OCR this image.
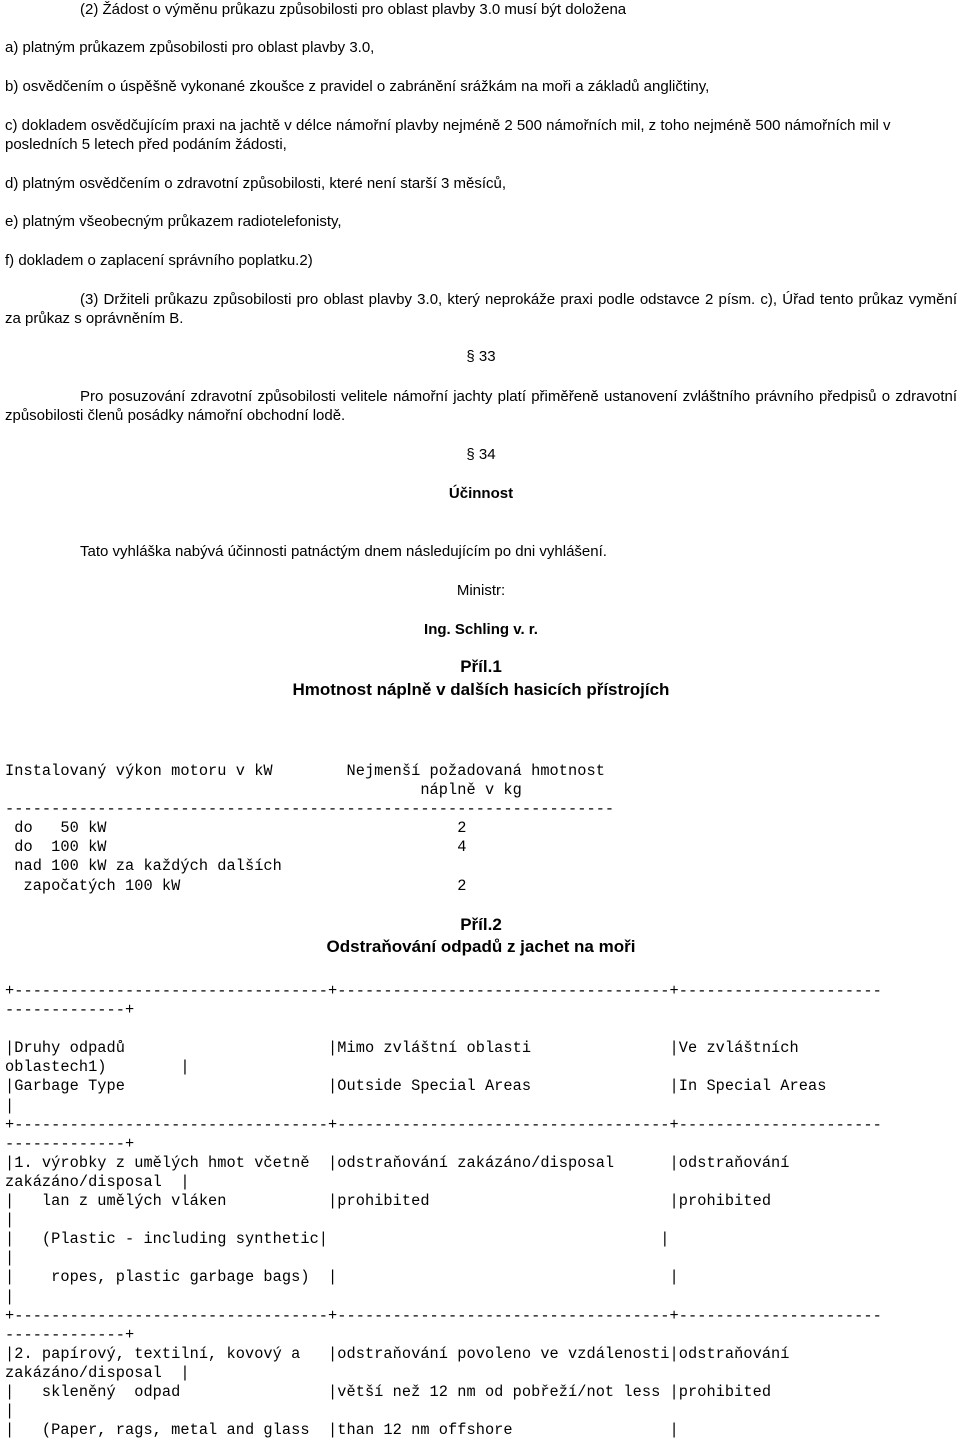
(2) Žádost o výměnu průkazu způsobilosti pro oblast plavby 3.0 musí být doložena

a) platným průkazem způsobilosti pro oblast plavby 3.0,

b) osvědčením o úspěšně vykonané zkoušce z pravidel o zabránění srážkám na moři a základů angličtiny,

c) dokladem osvědčujícím praxi na jachtě v délce námořní plavby nejméně 2 500 námořních mil, z toho nejméně 500 námořních mil v posledních 5 letech před podáním žádosti,

d) platným osvědčením o zdravotní způsobilosti, které není starší 3 měsíců,

e) platným všeobecným průkazem radiotelefonisty,

f) dokladem o zaplacení správního poplatku.2)

(3) Držiteli průkazu způsobilosti pro oblast plavby 3.0, který neprokáže praxi podle odstavce 2 písm. c), Úřad tento průkaz vymění za průkaz s oprávněním B.

§ 33

Pro posuzování zdravotní způsobilosti velitele námořní jachty platí přiměřeně ustanovení zvláštního právního předpisů o zdravotní způsobilosti členů posádky námořní obchodní lodě.

§ 34

Účinnost

Tato vyhláška nabývá účinnosti patnáctým dnem následujícím po dni vyhlášení.

Ministr:

Ing. Schling v. r.

Příl.1

Hmotnost náplně v dalších hasicích přístrojích

Instalovaný výkon motoru v kW        Nejmenší požadovaná hmotnost
náplně v kg
------------------------------------------------------------------
do   50 kW                                      2
do  100 kW                                      4
nad 100 kW za každých dalších
započatých 100 kW                              2

Příl.2

Odstraňování odpadů z jachet na moři

+----------------------------------+------------------------------------+----------------------
-------------+

|Druhy odpadů                      |Mimo zvláštní oblasti               |Ve zvláštních
oblastech1)        |
|Garbage Type                      |Outside Special Areas               |In Special Areas
|
+----------------------------------+------------------------------------+----------------------
-------------+
|1. výrobky z umělých hmot včetně  |odstraňování zakázáno/disposal      |odstraňování
zakázáno/disposal  |
|   lan z umělých vláken           |prohibited                          |prohibited
|
|   (Plastic - including synthetic|                                    |
|
|    ropes, plastic garbage bags)  |                                    |
|
+----------------------------------+------------------------------------+----------------------
-------------+
|2. papírový, textilní, kovový a   |odstraňování povoleno ve vzdálenosti|odstraňování
zakázáno/disposal  |
|   skleněný  odpad                |větší než 12 nm od pobřeží/not less |prohibited
|
|   (Paper, rags, metal and glass  |than 12 nm offshore                 |
